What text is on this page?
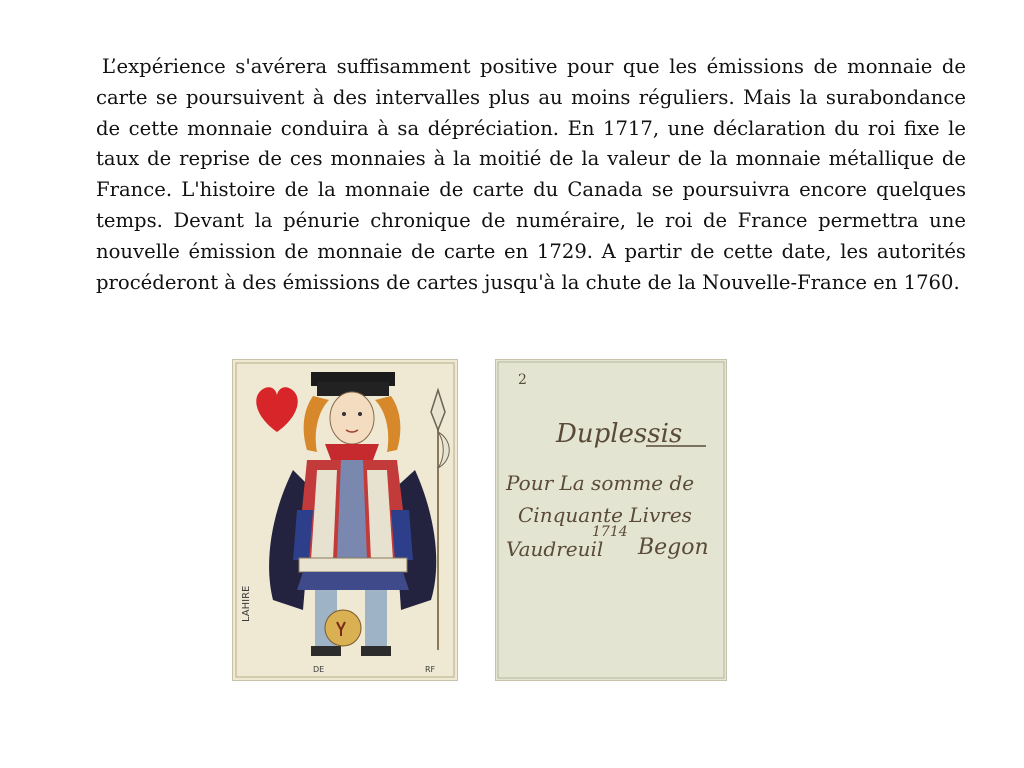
L’expérience s'avérera suffisamment positive pour que les émissions de monnaie de carte se poursuivent à des intervalles plus au moins réguliers. Mais la surabondance de cette monnaie conduira à sa dépréciation. En 1717, une déclaration du roi fixe le taux de reprise de ces monnaies à la moitié de la valeur de la monnaie métallique de France. L'histoire de la monnaie de carte du Canada se poursuivra encore quelques temps. Devant la pénurie chronique de numéraire, le roi de France permettra une nouvelle émission de monnaie de carte en 1729. A partir de cette date, les autorités procéderont à des émissions de cartes jusqu'à la chute de la Nouvelle-France en 1760.

LAHIRE
DE	RF
2
Duplessis
Pour La somme de
Cinquante Livres
1714
Vaudreuil Begon
